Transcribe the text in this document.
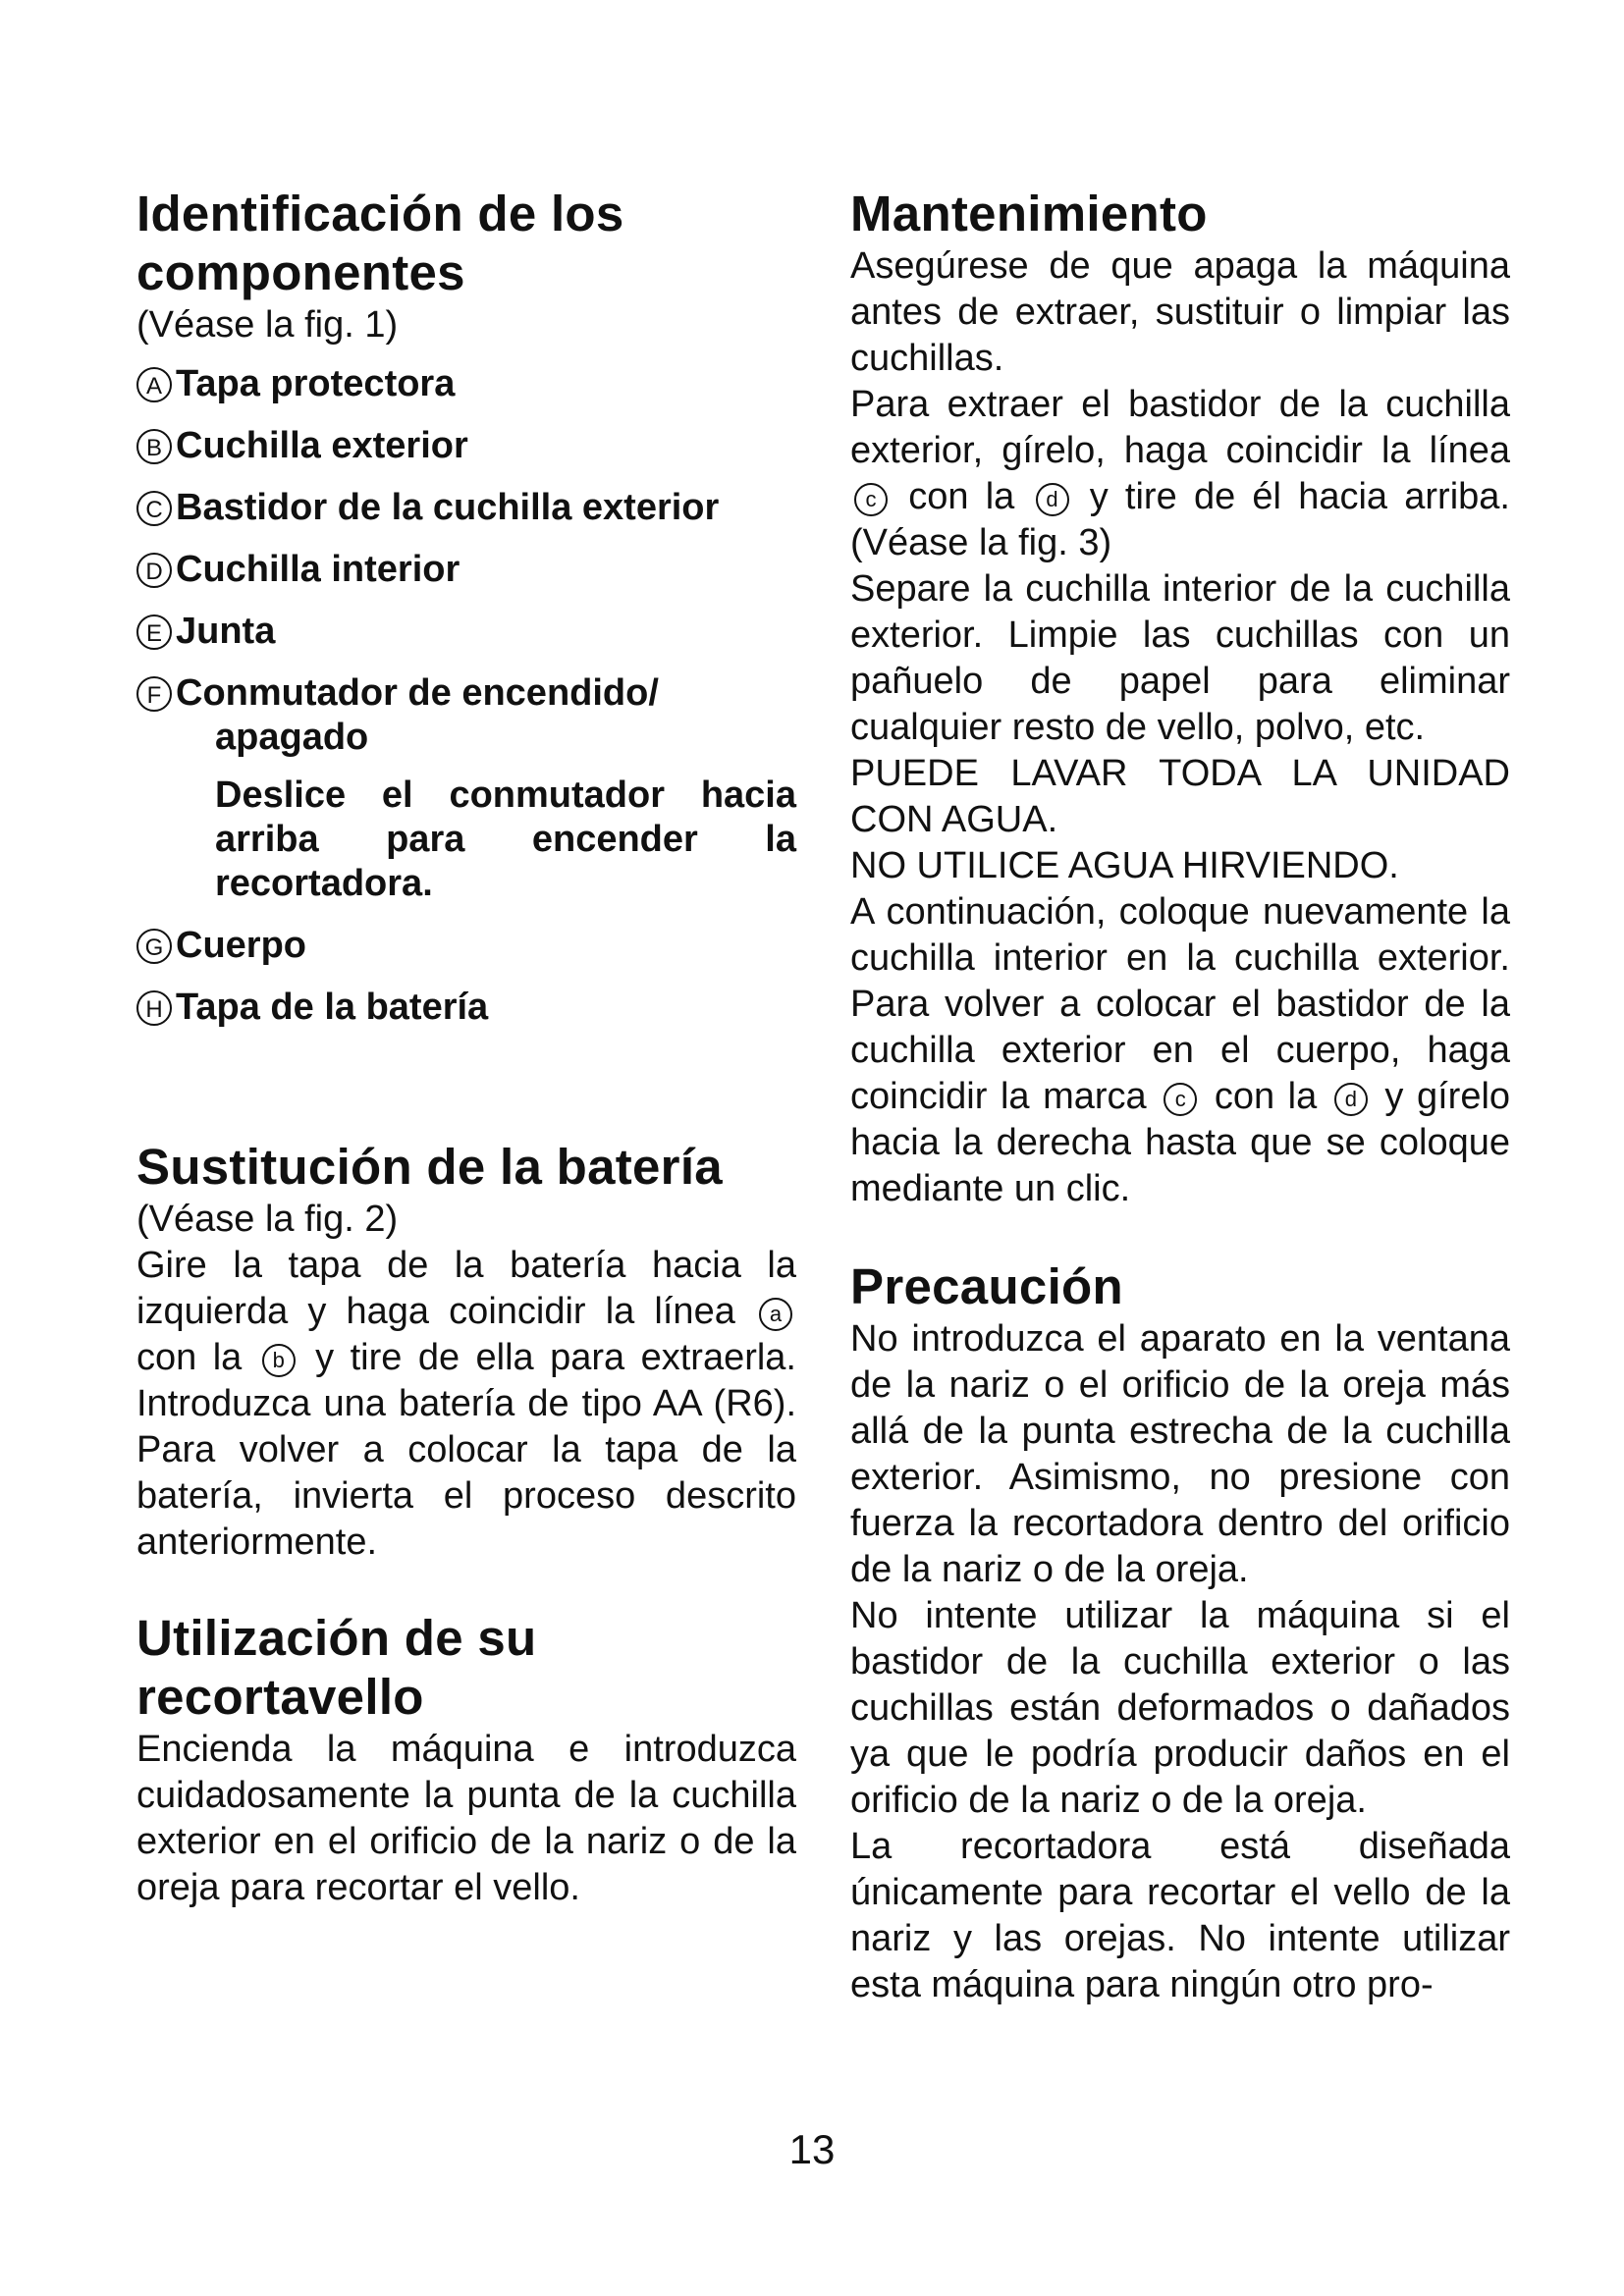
Identificación de los componentes
(Véase la fig. 1)
A Tapa protectora
B Cuchilla exterior
C Bastidor de la cuchilla exterior
D Cuchilla interior
E Junta
F Conmutador de encendido/
apagado
Deslice el conmutador hacia arriba para encender la recortadora.
G Cuerpo
H Tapa de la batería
Sustitución de la batería
(Véase la fig. 2)

Gire la tapa de la batería hacia la izquierda y haga coincidir la línea a con la b y tire de ella para extraerla. Introduzca una batería de tipo AA (R6). Para volver a colocar la tapa de la batería, invierta el proceso descrito anteriormente.

Utilización de su recortavello

Encienda la máquina e introduzca cuidadosamente la punta de la cuchilla exterior en el orificio de la nariz o de la oreja para recortar el vello.

Mantenimiento

Asegúrese de que apaga la máquina antes de extraer, sustituir o limpiar las cuchillas.

Para extraer el bastidor de la cuchilla exterior, gírelo, haga coincidir la línea c con la d y tire de él hacia arriba. (Véase la fig. 3)

Separe la cuchilla interior de la cuchilla exterior. Limpie las cuchillas con un pañuelo de papel para eliminar cualquier resto de vello, polvo, etc.

PUEDE LAVAR TODA LA UNIDAD CON AGUA.

NO UTILICE AGUA HIRVIENDO.

A continuación, coloque nuevamente la cuchilla interior en la cuchilla exterior. Para volver a colocar el bastidor de la cuchilla exterior en el cuerpo, haga coincidir la marca c con la d y gírelo hacia la derecha hasta que se coloque mediante un clic.

Precaución

No introduzca el aparato en la ventana de la nariz o el orificio de la oreja más allá de la punta estrecha de la cuchilla exterior. Asimismo, no presione con fuerza la recortadora dentro del orificio de la nariz o de la oreja.

No intente utilizar la máquina si el bastidor de la cuchilla exterior o las cuchillas están deformados o dañados ya que le podría producir daños en el orificio de la nariz o de la oreja.

La recortadora está diseñada únicamente para recortar el vello de la nariz y las orejas. No intente utilizar esta máquina para ningún otro pro-

13
